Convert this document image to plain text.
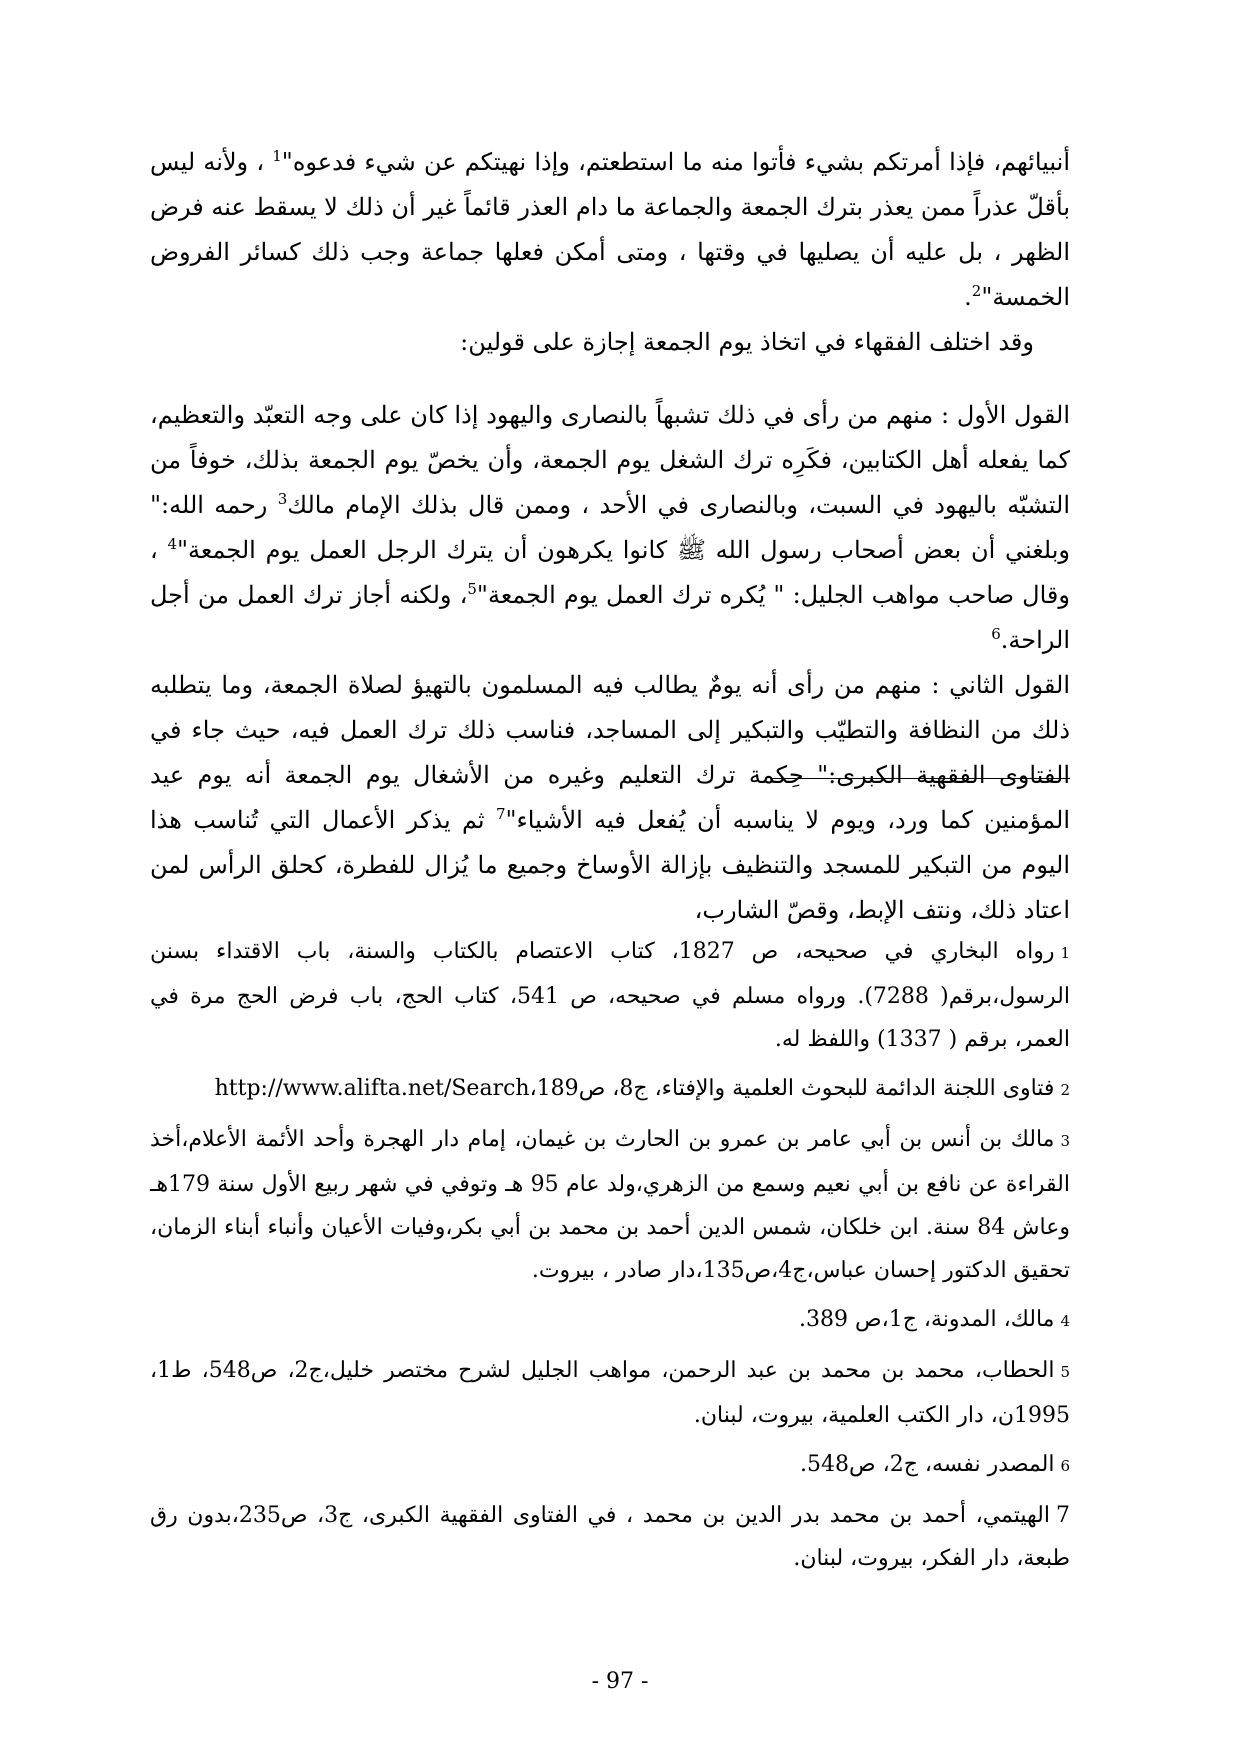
أنبيائهم، فإذا أمرتكم بشيء فأتوا منه ما استطعتم، وإذا نهيتكم عن شيء فدعوه"$^1$ ، ولأنه ليس بأقلّ عذراً ممن يعذر بترك الجمعة والجماعة ما دام العذر قائماً غير أن ذلك لا يسقط عنه فرض الظهر ، بل عليه أن يصليها في وقتها ، ومتى أمكن فعلها جماعة وجب ذلك كسائر الفروض الخمسة"$^2$.

وقد اختلف الفقهاء في اتخاذ يوم الجمعة إجازة على قولين:

القول الأول : منهم من رأى في ذلك تشبهاً بالنصارى واليهود إذا كان على وجه التعبّد والتعظيم، كما يفعله أهل الكتابين، فكَرِه ترك الشغل يوم الجمعة، وأن يخصّ يوم الجمعة بذلك، خوفاً من التشبّه باليهود في السبت، وبالنصارى في الأحد ، وممن قال بذلك الإمام مالك$^3$ رحمه الله:" وبلغني أن بعض أصحاب رسول الله ﷺ كانوا يكرهون أن يترك الرجل العمل يوم الجمعة"$^4$ ، وقال صاحب مواهب الجليل: " يُكره ترك العمل يوم الجمعة"$^5$، ولكنه أجاز ترك العمل من أجل الراحة.$^6$

القول الثاني : منهم من رأى أنه يومٌ يطالب فيه المسلمون بالتهيؤ لصلاة الجمعة، وما يتطلبه ذلك من النظافة والتطيّب والتبكير إلى المساجد، فناسب ذلك ترك العمل فيه، حيث جاء في الفتاوى الفقهية الكبرى:" حِكمة ترك التعليم وغيره من الأشغال يوم الجمعة أنه يوم عيد المؤمنين كما ورد، ويوم لا يناسبه أن يُفعل فيه الأشياء"$^7$ ثم يذكر الأعمال التي تُناسب هذا اليوم من التبكير للمسجد والتنظيف بإزالة الأوساخ وجميع ما يُزال للفطرة، كحلق الرأس لمن اعتاد ذلك، ونتف الإبط، وقصّ الشارب،

1رواه البخاري في صحيحه، ص 1827، كتاب الاعتصام بالكتاب والسنة، باب الاقتداء بسنن الرسول،برقم( 7288). ورواه مسلم في صحيحه، ص 541، كتاب الحج، باب فرض الحج مرة في العمر، برقم ( 1337) واللفظ له.

2فتاوى اللجنة الدائمة للبحوث العلمية والإفتاء، ج8، ص189،http://www.alifta.net/Search

3مالك بن أنس بن أبي عامر بن عمرو بن الحارث بن غيمان، إمام دار الهجرة وأحد الأئمة الأعلام،أخذ القراءة عن نافع بن أبي نعيم وسمع من الزهري،ولد عام 95 هـ وتوفي في شهر ربيع الأول سنة 179هـ وعاش 84 سنة. ابن خلكان، شمس الدين أحمد بن محمد بن أبي بكر،وفيات الأعيان وأنباء أبناء الزمان، تحقيق الدكتور إحسان عباس،ج4،ص135،دار صادر ، بيروت.

4مالك، المدونة، ج1،ص 389.

5الحطاب، محمد بن محمد بن عبد الرحمن، مواهب الجليل لشرح مختصر خليل،ج2، ص548، ط1، 1995ن، دار الكتب العلمية، بيروت، لبنان.

6المصدر نفسه، ج2، ص548.

7الهيتمي، أحمد بن محمد بدر الدين بن محمد ، في الفتاوى الفقهية الكبرى، ج3، ص235،بدون رق طبعة، دار الفكر، بيروت، لبنان.

- 97 -
